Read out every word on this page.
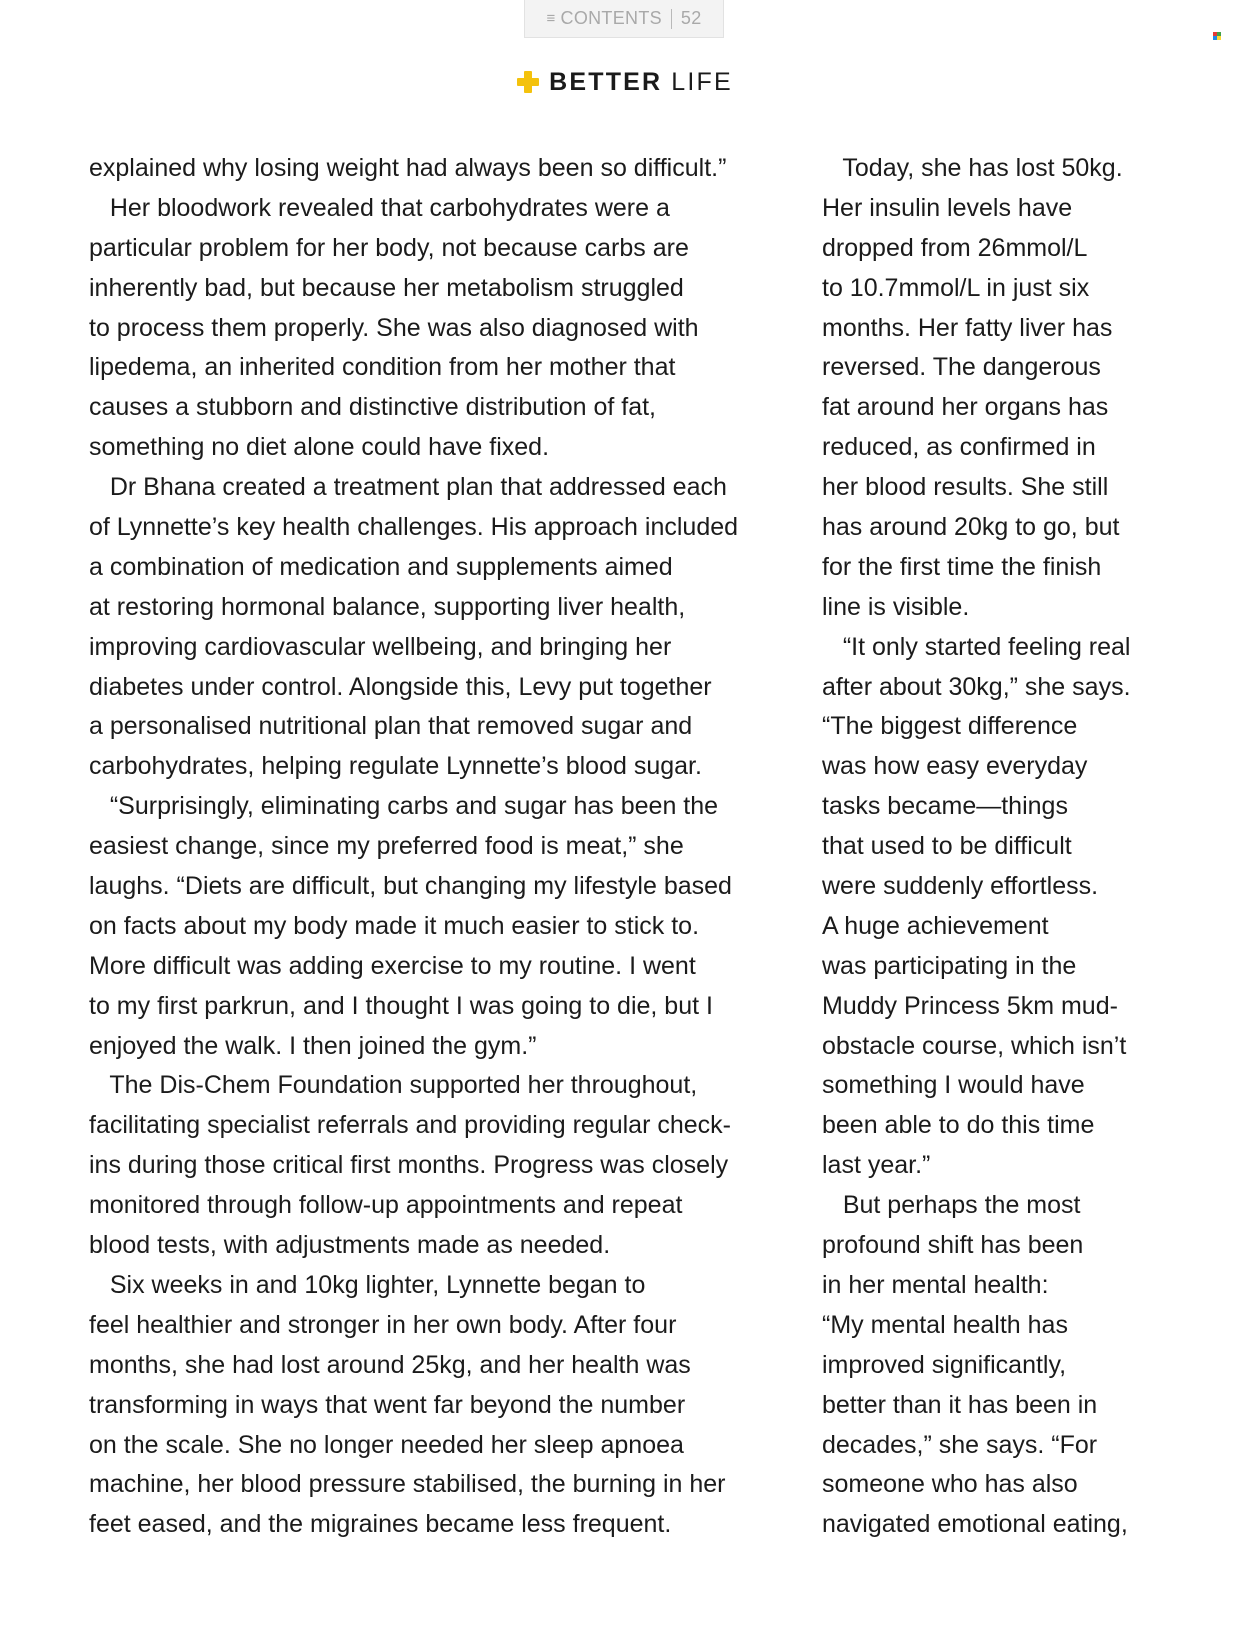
≡ CONTENTS 52
BETTER LIFE
explained why losing weight had always been so difficult.”
Her bloodwork revealed that carbohydrates were a
particular problem for her body, not because carbs are
inherently bad, but because her metabolism struggled
to process them properly. She was also diagnosed with
lipedema, an inherited condition from her mother that
causes a stubborn and distinctive distribution of fat,
something no diet alone could have fixed.
Dr Bhana created a treatment plan that addressed each
of Lynnette’s key health challenges. His approach included
a combination of medication and supplements aimed
at restoring hormonal balance, supporting liver health,
improving cardiovascular wellbeing, and bringing her
diabetes under control. Alongside this, Levy put together
a personalised nutritional plan that removed sugar and
carbohydrates, helping regulate Lynnette’s blood sugar.
“Surprisingly, eliminating carbs and sugar has been the
easiest change, since my preferred food is meat,” she
laughs. “Diets are difficult, but changing my lifestyle based
on facts about my body made it much easier to stick to.
More difficult was adding exercise to my routine. I went
to my first parkrun, and I thought I was going to die, but I
enjoyed the walk. I then joined the gym.”
The Dis-Chem Foundation supported her throughout,
facilitating specialist referrals and providing regular check-
ins during those critical first months. Progress was closely
monitored through follow-up appointments and repeat
blood tests, with adjustments made as needed.
Six weeks in and 10kg lighter, Lynnette began to
feel healthier and stronger in her own body. After four
months, she had lost around 25kg, and her health was
transforming in ways that went far beyond the number
on the scale. She no longer needed her sleep apnoea
machine, her blood pressure stabilised, the burning in her
feet eased, and the migraines became less frequent.
Today, she has lost 50kg.
Her insulin levels have
dropped from 26mmol/L
to 10.7mmol/L in just six
months. Her fatty liver has
reversed. The dangerous
fat around her organs has
reduced, as confirmed in
her blood results. She still
has around 20kg to go, but
for the first time the finish
line is visible.
“It only started feeling real
after about 30kg,” she says.
“The biggest difference
was how easy everyday
tasks became—things
that used to be difficult
were suddenly effortless.
A huge achievement
was participating in the
Muddy Princess 5km mud-
obstacle course, which isn’t
something I would have
been able to do this time
last year.”
But perhaps the most
profound shift has been
in her mental health:
“My mental health has
improved significantly,
better than it has been in
decades,” she says. “For
someone who has also
navigated emotional eating,
